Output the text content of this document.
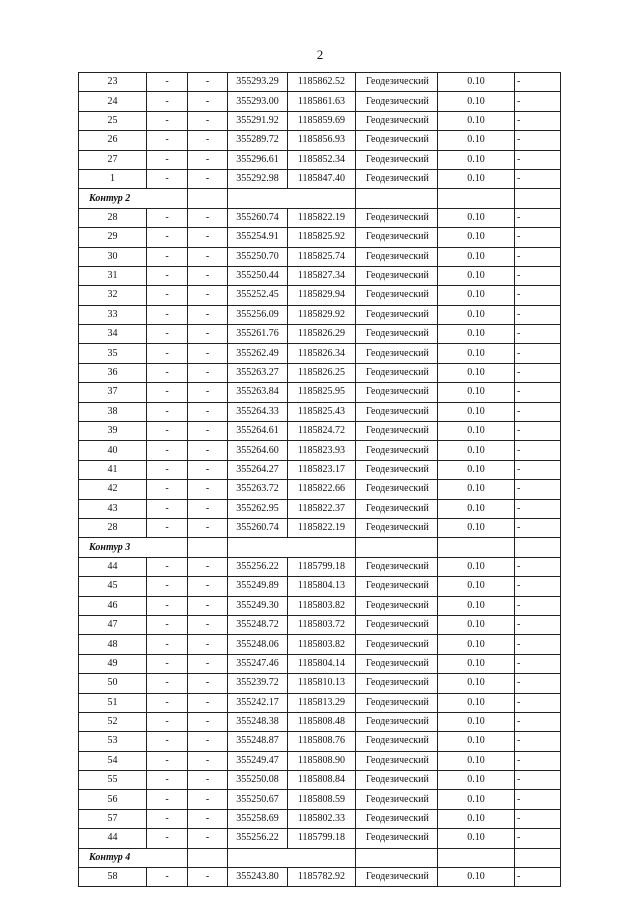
2
23	-	-	355293.29	1185862.52	Геодезический	0.10	-
24	-	-	355293.00	1185861.63	Геодезический	0.10	-
25	-	-	355291.92	1185859.69	Геодезический	0.10	-
26	-	-	355289.72	1185856.93	Геодезический	0.10	-
27	-	-	355296.61	1185852.34	Геодезический	0.10	-
1	-	-	355292.98	1185847.40	Геодезический	0.10	-
Контур 2							
28	-	-	355260.74	1185822.19	Геодезический	0.10	-
29	-	-	355254.91	1185825.92	Геодезический	0.10	-
30	-	-	355250.70	1185825.74	Геодезический	0.10	-
31	-	-	355250.44	1185827.34	Геодезический	0.10	-
32	-	-	355252.45	1185829.94	Геодезический	0.10	-
33	-	-	355256.09	1185829.92	Геодезический	0.10	-
34	-	-	355261.76	1185826.29	Геодезический	0.10	-
35	-	-	355262.49	1185826.34	Геодезический	0.10	-
36	-	-	355263.27	1185826.25	Геодезический	0.10	-
37	-	-	355263.84	1185825.95	Геодезический	0.10	-
38	-	-	355264.33	1185825.43	Геодезический	0.10	-
39	-	-	355264.61	1185824.72	Геодезический	0.10	-
40	-	-	355264.60	1185823.93	Геодезический	0.10	-
41	-	-	355264.27	1185823.17	Геодезический	0.10	-
42	-	-	355263.72	1185822.66	Геодезический	0.10	-
43	-	-	355262.95	1185822.37	Геодезический	0.10	-
28	-	-	355260.74	1185822.19	Геодезический	0.10	-
Контур 3							
44	-	-	355256.22	1185799.18	Геодезический	0.10	-
45	-	-	355249.89	1185804.13	Геодезический	0.10	-
46	-	-	355249.30	1185803.82	Геодезический	0.10	-
47	-	-	355248.72	1185803.72	Геодезический	0.10	-
48	-	-	355248.06	1185803.82	Геодезический	0.10	-
49	-	-	355247.46	1185804.14	Геодезический	0.10	-
50	-	-	355239.72	1185810.13	Геодезический	0.10	-
51	-	-	355242.17	1185813.29	Геодезический	0.10	-
52	-	-	355248.38	1185808.48	Геодезический	0.10	-
53	-	-	355248.87	1185808.76	Геодезический	0.10	-
54	-	-	355249.47	1185808.90	Геодезический	0.10	-
55	-	-	355250.08	1185808.84	Геодезический	0.10	-
56	-	-	355250.67	1185808.59	Геодезический	0.10	-
57	-	-	355258.69	1185802.33	Геодезический	0.10	-
44	-	-	355256.22	1185799.18	Геодезический	0.10	-
Контур 4							
58	-	-	355243.80	1185782.92	Геодезический	0.10	-
